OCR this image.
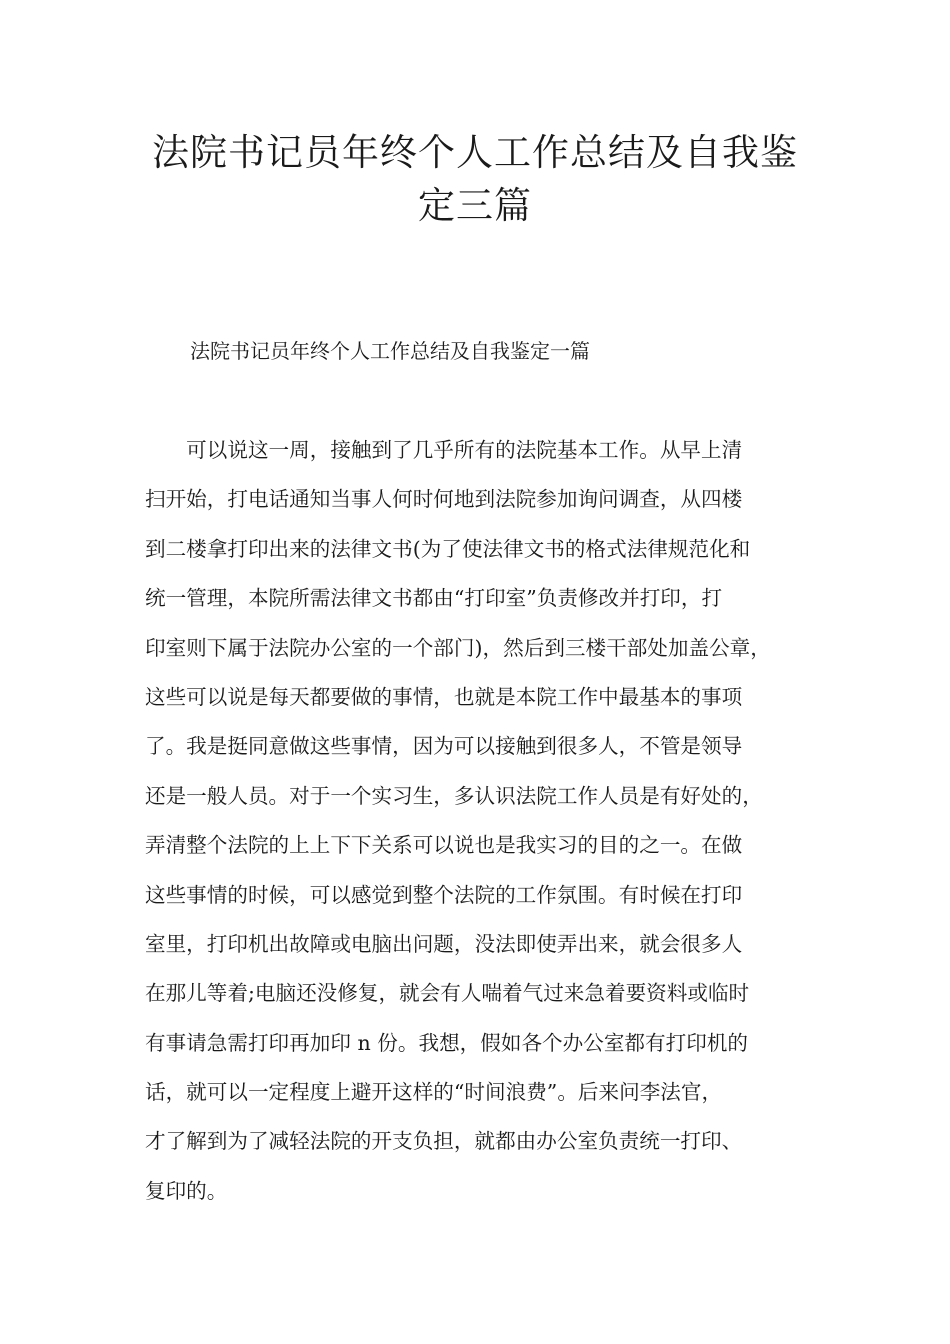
法院书记员年终个人工作总结及自我鉴
定三篇
法院书记员年终个人工作总结及自我鉴定一篇

　　可以说这一周，接触到了几乎所有的法院基本工作。从早上清
扫开始，打电话通知当事人何时何地到法院参加询问调查，从四楼
到二楼拿打印出来的法律文书(为了使法律文书的格式法律规范化和
统一管理，本院所需法律文书都由“打印室”负责修改并打印，打
印室则下属于法院办公室的一个部门)，然后到三楼干部处加盖公章，
这些可以说是每天都要做的事情，也就是本院工作中最基本的事项
了。我是挺同意做这些事情，因为可以接触到很多人，不管是领导
还是一般人员。对于一个实习生，多认识法院工作人员是有好处的，
弄清整个法院的上上下下关系可以说也是我实习的目的之一。在做
这些事情的时候，可以感觉到整个法院的工作氛围。有时候在打印
室里，打印机出故障或电脑出问题，没法即使弄出来，就会很多人
在那儿等着;电脑还没修复，就会有人喘着气过来急着要资料或临时
有事请急需打印再加印 n 份。我想，假如各个办公室都有打印机的
话，就可以一定程度上避开这样的“时间浪费”。后来问李法官，
才了解到为了减轻法院的开支负担，就都由办公室负责统一打印、
复印的。
